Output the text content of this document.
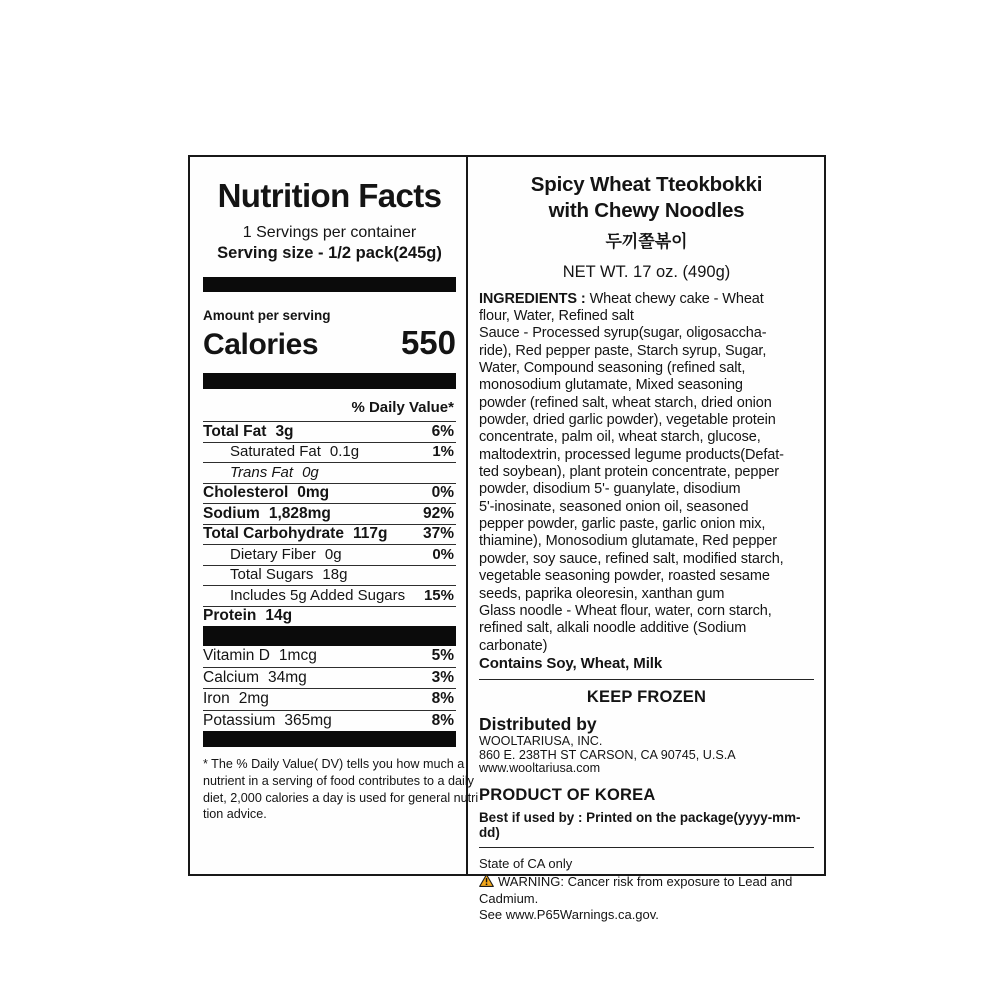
Nutrition Facts
1 Servings per container
Serving size - 1/2 pack(245g)
Amount per serving
Calories	550
% Daily Value*
Total Fat 3g	6%
Saturated Fat 0.1g	1%
Trans Fat 0g
Cholesterol 0mg	0%
Sodium 1,828mg	92%
Total Carbohydrate 117g 37%
Dietary Fiber 0g	0%
Total Sugars 18g
Includes 5g Added Sugars 15%
Protein 14g
Vitamin D 1mcg	5%
Calcium 34mg	3%
Iron 2mg	8%
Potassium 365mg	8%
* The % Daily Value( DV) tells you how much a
nutrient in a serving of food contributes to a daily
diet, 2,000 calories a day is used for general nutri
tion advice.
Spicy Wheat Tteokbokki
with Chewy Noodles
두끼쫄볶이
NET WT. 17 oz. (490g)
INGREDIENTS : Wheat chewy cake - Wheat
flour, Water, Refined salt
Sauce - Processed syrup(sugar, oligosaccha-
ride), Red pepper paste, Starch syrup, Sugar,
Water, Compound seasoning (refined salt,
monosodium glutamate, Mixed seasoning
powder (refined salt, wheat starch, dried onion
powder, dried garlic powder), vegetable protein
concentrate, palm oil, wheat starch, glucose,
maltodextrin, processed legume products(Defat-
ted soybean), plant protein concentrate, pepper
powder, disodium 5'- guanylate, disodium
5'-inosinate, seasoned onion oil, seasoned
pepper powder, garlic paste, garlic onion mix,
thiamine), Monosodium glutamate, Red pepper
powder, soy sauce, refined salt, modified starch,
vegetable seasoning powder, roasted sesame
seeds, paprika oleoresin, xanthan gum
Glass noodle - Wheat flour, water, corn starch,
refined salt, alkali noodle additive (Sodium
carbonate)
Contains Soy, Wheat, Milk
KEEP FROZEN
Distributed by
WOOLTARIUSA, INC.
860 E. 238TH ST CARSON, CA 90745, U.S.A
www.wooltariusa.com
PRODUCT OF KOREA
Best if used by : Printed on the package(yyyy-mm-dd)
State of CA only
WARNING: Cancer risk from exposure to Lead and Cadmium.
See www.P65Warnings.ca.gov.
